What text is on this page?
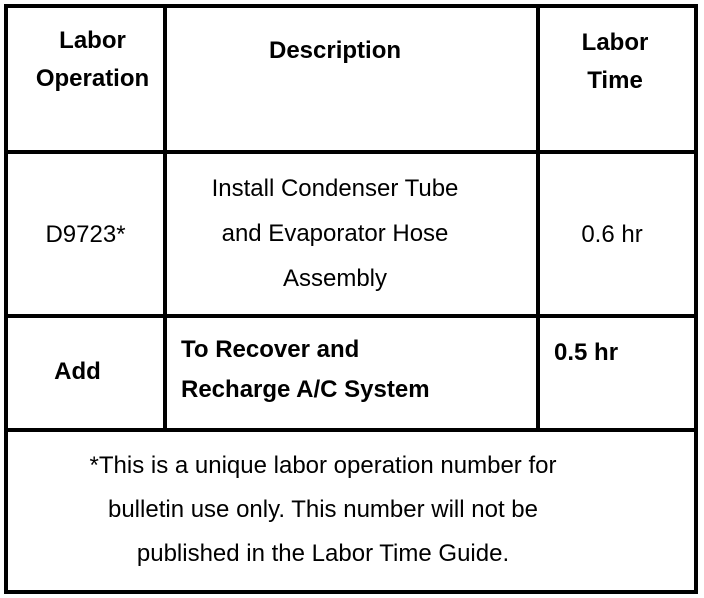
Labor Operation
Description	Labor Time
D9723*
Install Condenser Tube
and Evaporator Hose
Assembly
0.6 hr
Add
To Recover and
Recharge A/C System
0.5 hr
*This is a unique labor operation number for
bulletin use only. This number will not be
published in the Labor Time Guide.
